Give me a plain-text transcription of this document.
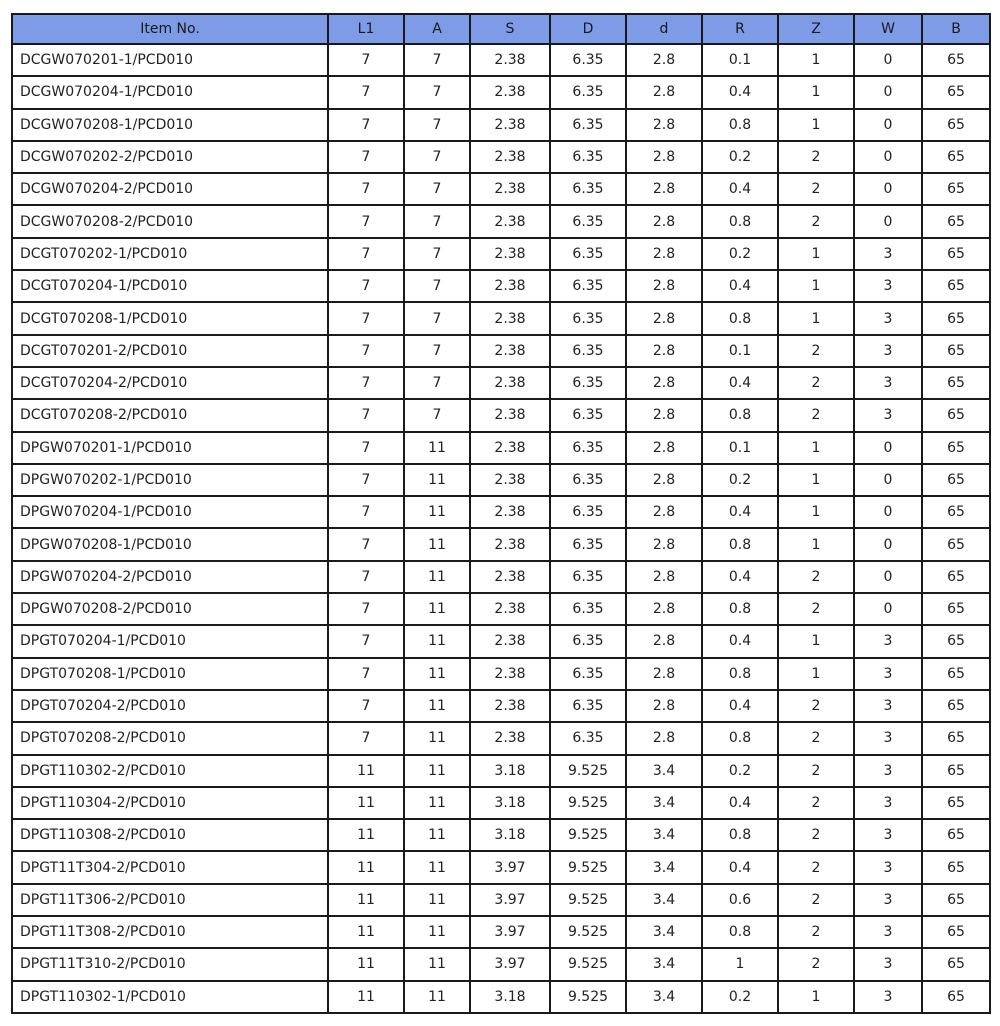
Item No.	L1	A	S	D	d	R	Z	W	B
DCGW070201-1/PCD010	7	7	2.38	6.35	2.8	0.1	1	0	65
DCGW070204-1/PCD010	7	7	2.38	6.35	2.8	0.4	1	0	65
DCGW070208-1/PCD010	7	7	2.38	6.35	2.8	0.8	1	0	65
DCGW070202-2/PCD010	7	7	2.38	6.35	2.8	0.2	2	0	65
DCGW070204-2/PCD010	7	7	2.38	6.35	2.8	0.4	2	0	65
DCGW070208-2/PCD010	7	7	2.38	6.35	2.8	0.8	2	0	65
DCGT070202-1/PCD010	7	7	2.38	6.35	2.8	0.2	1	3	65
DCGT070204-1/PCD010	7	7	2.38	6.35	2.8	0.4	1	3	65
DCGT070208-1/PCD010	7	7	2.38	6.35	2.8	0.8	1	3	65
DCGT070201-2/PCD010	7	7	2.38	6.35	2.8	0.1	2	3	65
DCGT070204-2/PCD010	7	7	2.38	6.35	2.8	0.4	2	3	65
DCGT070208-2/PCD010	7	7	2.38	6.35	2.8	0.8	2	3	65
DPGW070201-1/PCD010	7	11	2.38	6.35	2.8	0.1	1	0	65
DPGW070202-1/PCD010	7	11	2.38	6.35	2.8	0.2	1	0	65
DPGW070204-1/PCD010	7	11	2.38	6.35	2.8	0.4	1	0	65
DPGW070208-1/PCD010	7	11	2.38	6.35	2.8	0.8	1	0	65
DPGW070204-2/PCD010	7	11	2.38	6.35	2.8	0.4	2	0	65
DPGW070208-2/PCD010	7	11	2.38	6.35	2.8	0.8	2	0	65
DPGT070204-1/PCD010	7	11	2.38	6.35	2.8	0.4	1	3	65
DPGT070208-1/PCD010	7	11	2.38	6.35	2.8	0.8	1	3	65
DPGT070204-2/PCD010	7	11	2.38	6.35	2.8	0.4	2	3	65
DPGT070208-2/PCD010	7	11	2.38	6.35	2.8	0.8	2	3	65
DPGT110302-2/PCD010	11	11	3.18	9.525	3.4	0.2	2	3	65
DPGT110304-2/PCD010	11	11	3.18	9.525	3.4	0.4	2	3	65
DPGT110308-2/PCD010	11	11	3.18	9.525	3.4	0.8	2	3	65
DPGT11T304-2/PCD010	11	11	3.97	9.525	3.4	0.4	2	3	65
DPGT11T306-2/PCD010	11	11	3.97	9.525	3.4	0.6	2	3	65
DPGT11T308-2/PCD010	11	11	3.97	9.525	3.4	0.8	2	3	65
DPGT11T310-2/PCD010	11	11	3.97	9.525	3.4	1	2	3	65
DPGT110302-1/PCD010	11	11	3.18	9.525	3.4	0.2	1	3	65
